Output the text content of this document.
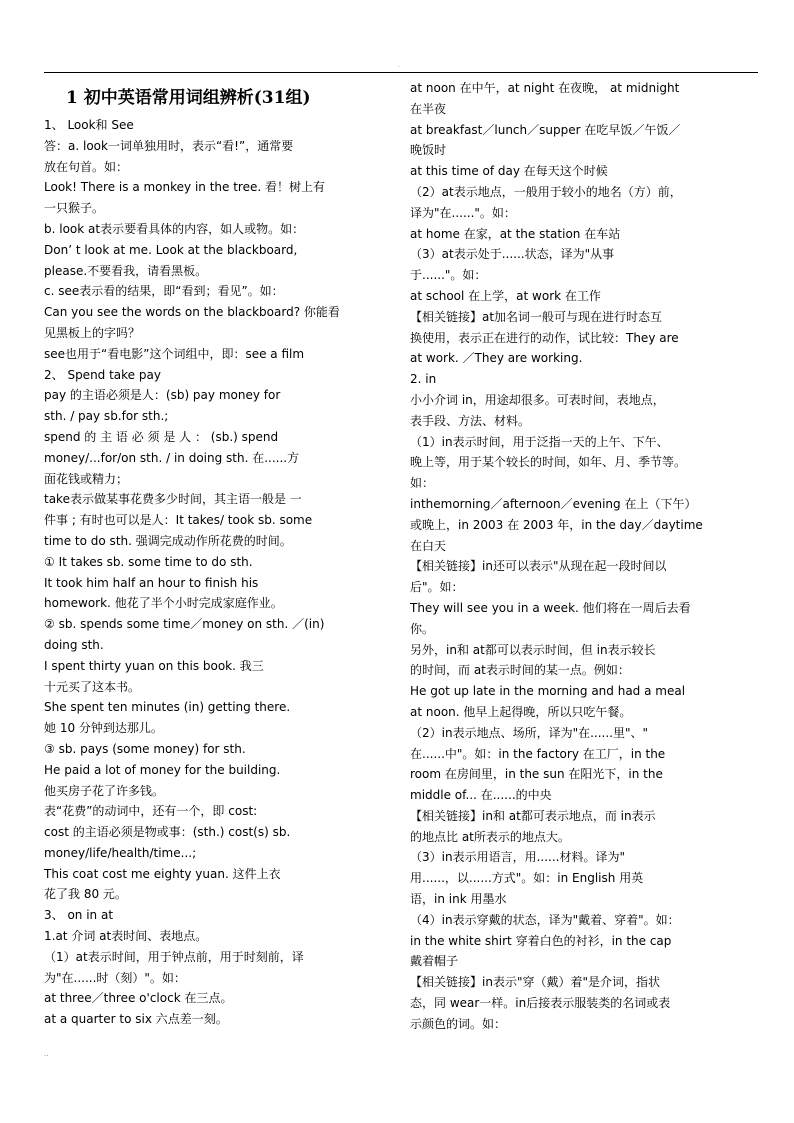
.
1 初中英语常用词组辨析(31组)
1、 Look和 See
答：a. look一词单独用时，表示“看!”，通常要
放在句首。如：
Look! There is a monkey in the tree. 看！树上有
一只猴子。
b. look at表示要看具体的内容，如人或物。如：
Don’ t look at me. Look at the blackboard,
please.不要看我，请看黑板。
c. see表示看的结果，即“看到；看见”。如：
Can you see the words on the blackboard? 你能看
见黑板上的字吗？
see也用于“看电影”这个词组中，即：see a film
2、 Spend take pay
pay 的主语必须是人：(sb) pay money for
sth. / pay sb.for sth.;
spend 的 主 语 必 须 是 人 ： (sb.) spend
money/...for/on sth. / in doing sth. 在......方
面花钱或精力；
take表示做某事花费多少时间，其主语一般是 一
件事 ; 有时也可以是人：It takes/ took sb. some
time to do sth. 强调完成动作所花费的时间。
① It takes sb. some time to do sth.
It took him half an hour to finish his
homework. 他花了半个小时完成家庭作业。
② sb. spends some time／money on sth. ／(in)
doing sth.
I spent thirty yuan on this book. 我三
十元买了这本书。
She spent ten minutes (in) getting there.
她 10 分钟到达那儿。
③ sb. pays (some money) for sth.
He paid a lot of money for the building.
他买房子花了许多钱。
表“花费”的动词中，还有一个，即 cost:
cost 的主语必须是物或事：(sth.) cost(s) sb.
money/life/health/time...;
This coat cost me eighty yuan. 这件上衣
花了我 80 元。
3、 on in at
1.at 介词 at表时间、表地点。
（1）at表示时间，用于钟点前，用于时刻前，译
为"在......时（刻）"。如：
at three／three o'clock 在三点。
at a quarter to six 六点差一刻。
at noon 在中午，at night 在夜晚， at midnight
在半夜
at breakfast／lunch／supper 在吃早饭／午饭／
晚饭时
at this time of day 在每天这个时候
（2）at表示地点，一般用于较小的地名（方）前，
译为"在......"。如：
at home 在家，at the station 在车站
（3）at表示处于......状态，译为"从事
于......"。如：
at school 在上学，at work 在工作
【相关链接】at加名词一般可与现在进行时态互
换使用，表示正在进行的动作，试比较：They are
at work. ／They are working.
2. in
小小介词 in，用途却很多。可表时间，表地点，
表手段、方法、材料。
（1）in表示时间，用于泛指一天的上午、下午、
晚上等，用于某个较长的时间，如年、月、季节等。
如：
inthemorning／afternoon／evening 在上（下午）
或晚上，in 2003 在 2003 年，in the day／daytime
在白天
【相关链接】in还可以表示"从现在起一段时间以
后"。如：
They will see you in a week. 他们将在一周后去看
你。
另外，in和 at都可以表示时间，但 in表示较长
的时间，而 at表示时间的某一点。例如：
He got up late in the morning and had a meal
at noon. 他早上起得晚，所以只吃午餐。
（2）in表示地点、场所，译为"在......里"、"
在......中"。如：in the factory 在工厂，in the
room 在房间里，in the sun 在阳光下，in the
middle of... 在......的中央
【相关链接】in和 at都可表示地点，而 in表示
的地点比 at所表示的地点大。
（3）in表示用语言，用......材料。译为"
用......，以......方式"。如：in English 用英
语，in ink 用墨水
（4）in表示穿戴的状态，译为"戴着、穿着"。如：
in the white shirt 穿着白色的衬衫，in the cap
戴着帽子
【相关链接】in表示"穿（戴）着"是介词，指状
态，同 wear一样。in后接表示服装类的名词或表
示颜色的词。如：
..
